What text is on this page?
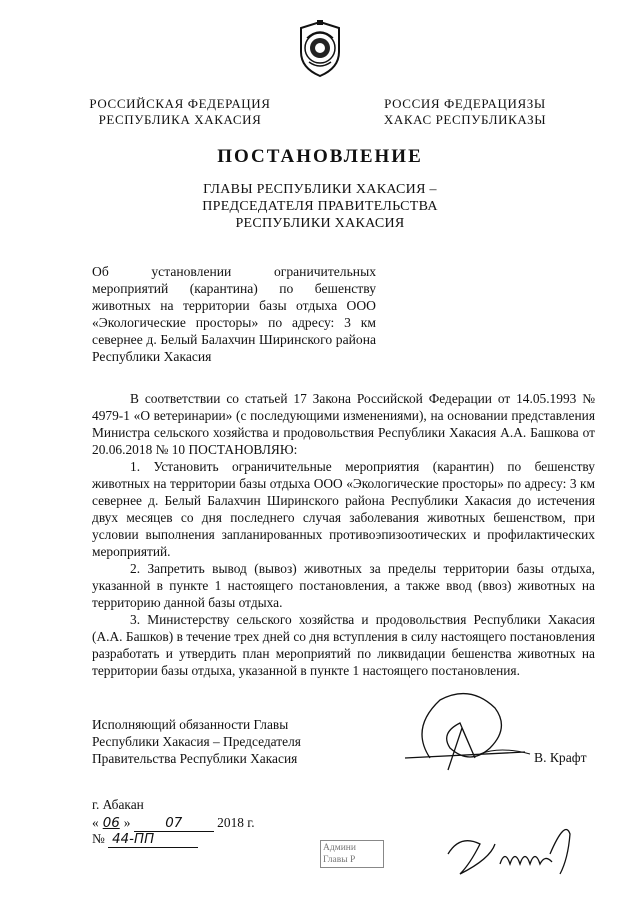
РОССИЙСКАЯ ФЕДЕРАЦИЯ
РЕСПУБЛИКА ХАКАСИЯ
РОССИЯ ФЕДЕРАЦИЯЗЫ
ХАКАС РЕСПУБЛИКАЗЫ
ПОСТАНОВЛЕНИЕ
ГЛАВЫ РЕСПУБЛИКИ ХАКАСИЯ –
ПРЕДСЕДАТЕЛЯ ПРАВИТЕЛЬСТВА
РЕСПУБЛИКИ ХАКАСИЯ
Об установлении ограничительных мероприятий (карантина) по бешенству животных на территории базы отдыха ООО «Экологические просторы» по адресу: 3 км севернее д. Белый Балахчин Ширинского района Республики Хакасия

В соответствии со статьей 17 Закона Российской Федерации от 14.05.1993 № 4979-1 «О ветеринарии» (с последующими изменениями), на основании представления Министра сельского хозяйства и продовольствия Республики Хакасия А.А. Башкова от 20.06.2018 № 10 ПОСТАНОВЛЯЮ:

1. Установить ограничительные мероприятия (карантин) по бешенству животных на территории базы отдыха ООО «Экологические просторы» по адресу: 3 км севернее д. Белый Балахчин Ширинского района Республики Хакасия до истечения двух месяцев со дня последнего случая заболевания животных бешенством, при условии выполнения запланированных противоэпизоотических и профилактических мероприятий.

2. Запретить вывод (вывоз) животных за пределы территории базы отдыха, указанной в пункте 1 настоящего постановления, а также ввод (ввоз) животных на территорию данной базы отдыха.

3. Министерству сельского хозяйства и продовольствия Республики Хакасия (А.А. Башков) в течение трех дней со дня вступления в силу настоящего постановления разработать и утвердить план мероприятий по ликвидации бешенства животных на территории базы отдыха, указанной в пункте 1 настоящего постановления.

Исполняющий обязанности Главы
Республики Хакасия – Председателя
Правительства Республики Хакасия	В. Крафт
г. Абакан
« 06 »	07	2018 г.
№ 44-ПП
Админи
Главы Р
